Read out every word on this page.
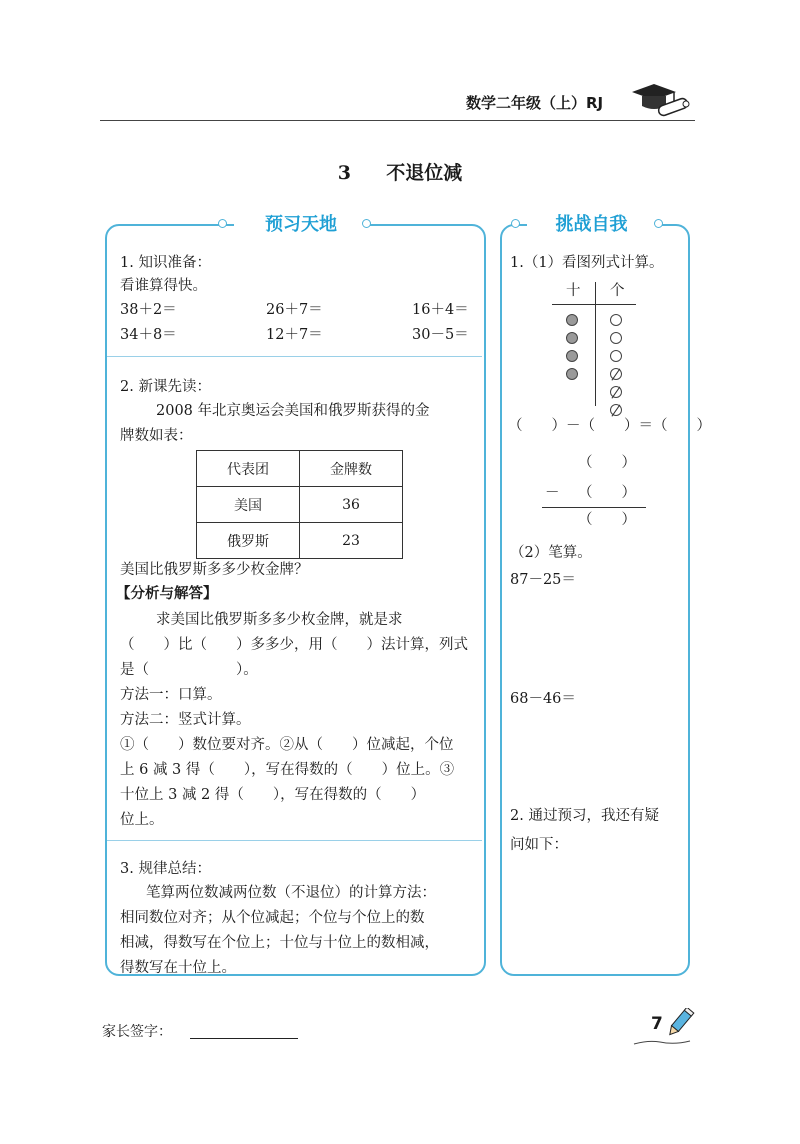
数学二年级（上）RJ
3 不退位减
预习天地
1. 知识准备：
看谁算得快。
38＋2＝	26＋7＝	16＋4＝
34＋8＝	12＋7＝	30－5＝
2. 新课先读：
2008 年北京奥运会美国和俄罗斯获得的金
牌数如表：
代表团	金牌数
美国	36
俄罗斯	23
美国比俄罗斯多多少枚金牌？
【分析与解答】
求美国比俄罗斯多多少枚金牌，就是求
（　　）比（　　）多多少，用（　　）法计算，列式
是（　　　　　　）。
方法一：口算。
方法二：竖式计算。
①（　　）数位要对齐。②从（　　）位减起，个位
上 6 减 3 得（　　），写在得数的（　　）位上。③
十位上 3 减 2 得（　　），写在得数的（　　）
位上。
3. 规律总结：
笔算两位数减两位数（不退位）的计算方法：
相同数位对齐；从个位减起；个位与个位上的数
相减，得数写在个位上；十位与十位上的数相减，
得数写在十位上。
挑战自我
1.（1）看图列式计算。
十 个
（　　）－（　　）＝（　　）
（　　）
－ （　　）
（　　）
（2）笔算。
87－25＝
68－46＝
2. 通过预习，我还有疑
问如下：
家长签字：	7
